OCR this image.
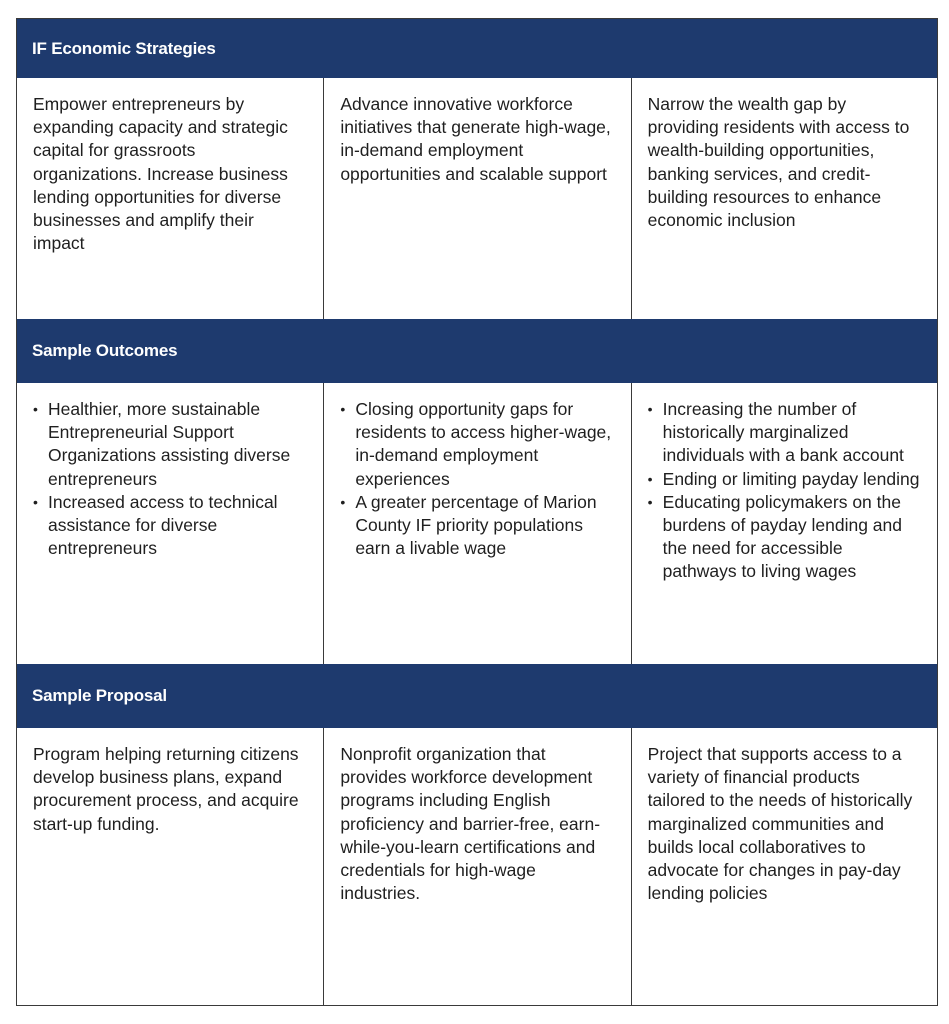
IF Economic Strategies
Empower entrepreneurs by expanding capacity and strategic capital for grassroots organizations. Increase business lending opportunities for diverse businesses and amplify their impact
Advance innovative workforce initiatives that generate high-wage, in-demand employment opportunities and scalable support
Narrow the wealth gap by providing residents with access to wealth-building opportunities, banking services, and credit-building resources to enhance economic inclusion
Sample Outcomes
• Healthier, more sustainable Entrepreneurial Support Organizations assisting diverse entrepreneurs
• Increased access to technical assistance for diverse entrepreneurs
• Closing opportunity gaps for residents to access higher-wage, in-demand employment experiences
• A greater percentage of Marion County IF priority populations earn a livable wage
• Increasing the number of historically marginalized individuals with a bank account
• Ending or limiting payday lending
• Educating policymakers on the burdens of payday lending and the need for accessible pathways to living wages
Sample Proposal
Program helping returning citizens develop business plans, expand procurement process, and acquire start-up funding.
Nonprofit organization that provides workforce development programs including English proficiency and barrier-free, earn-while-you-learn certifications and credentials for high-wage industries.
Project that supports access to a variety of financial products tailored to the needs of historically marginalized communities and builds local collaboratives to advocate for changes in pay-day lending policies
